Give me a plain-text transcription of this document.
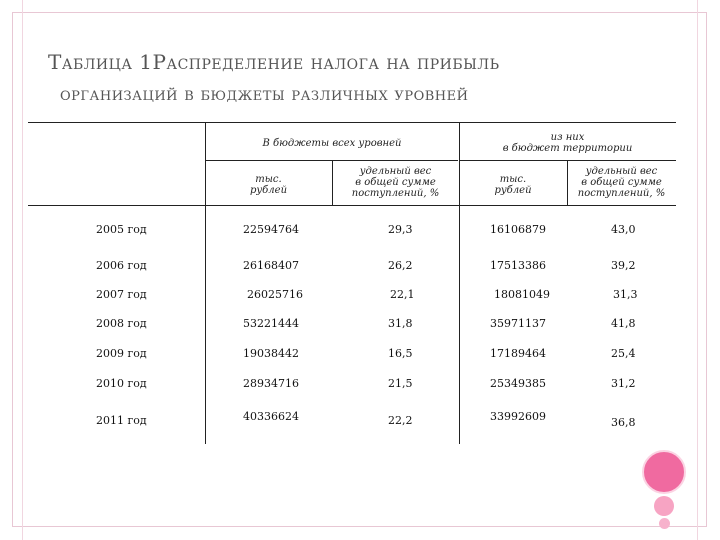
Таблица 1Распределение налога на прибыль
организаций в бюджеты различных уровней
В бюджеты всех уровней
из них
в бюджет территории
тыс.
рублей
удельный вес
в общей сумме
поступлений, %
тыс.
рублей
удельный вес
в общей сумме
поступлений, %
2005 год	22594764	29,3	16106879	43,0
2006 год	26168407	26,2	17513386	39,2
2007 год	26025716	22,1	18081049	31,3
2008 год	53221444	31,8	35971137	41,8
2009 год	19038442	16,5	17189464	25,4
2010 год	28934716	21,5	25349385	31,2
2011 год	40336624	22,2	33992609	36,8
